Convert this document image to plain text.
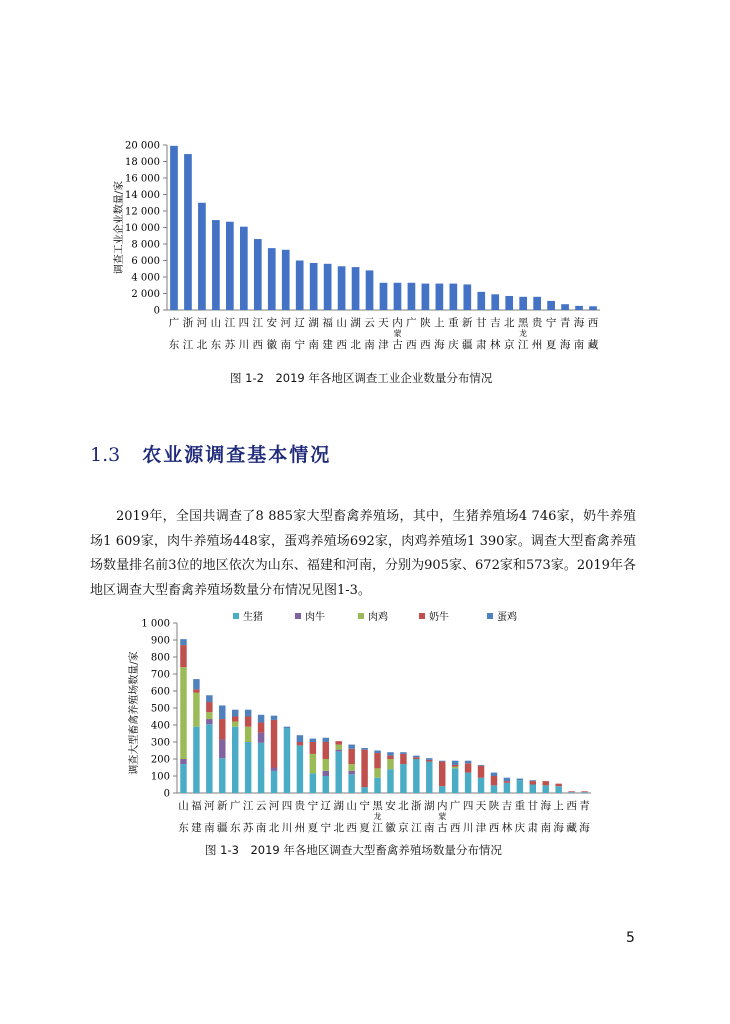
0
2 000
4 000
6 000
8 000
10 000
12 000
14 000
16 000
18 000
20 000
调查工业企业数量/家
广
东
浙
江
河
北
山
东
江
苏
四
川
江
西
安
徽
河
南
辽
宁
湖
南
福
建
山
西
湖
北
云
南
天
津
内
蒙
古
广
西
陕
西
上
海
重
庆
新
疆
甘
肃
吉
林
北
京
黑
龙
江
贵
州
宁
夏
青
海
海
南
西
藏
图 1-2　2019 年各地区调查工业企业数量分布情况
1.3 农业源调查基本情况
2019年，全国共调查了8 885家大型畜禽养殖场，其中，生猪养殖场4 746家，奶牛养殖场1 609家，肉牛养殖场448家，蛋鸡养殖场692家，肉鸡养殖场1 390家。调查大型畜禽养殖场数量排名前3位的地区依次为山东、福建和河南，分别为905家、672家和573家。2019年各地区调查大型畜禽养殖场数量分布情况见图1-3。
0
100
200
300
400
500
600
700
800
900
1 000
调查大型畜禽养殖场数量/家
生猪	肉牛	肉鸡	奶牛	蛋鸡
山
东
福
建
河
南
新
疆
广
东
江
苏
云
南
河
北
四
川
贵
州
宁
夏
辽
宁
湖
北
山
西
宁
夏
黑
龙
江
安
徽
北
京
浙
江
湖
南
内
蒙
古
广
西
四
川
天
津
陕
西
吉
林
重
庆
甘
肃
海
南
上
海
西
藏
青
海
图 1-3　2019 年各地区调查大型畜禽养殖场数量分布情况
5
